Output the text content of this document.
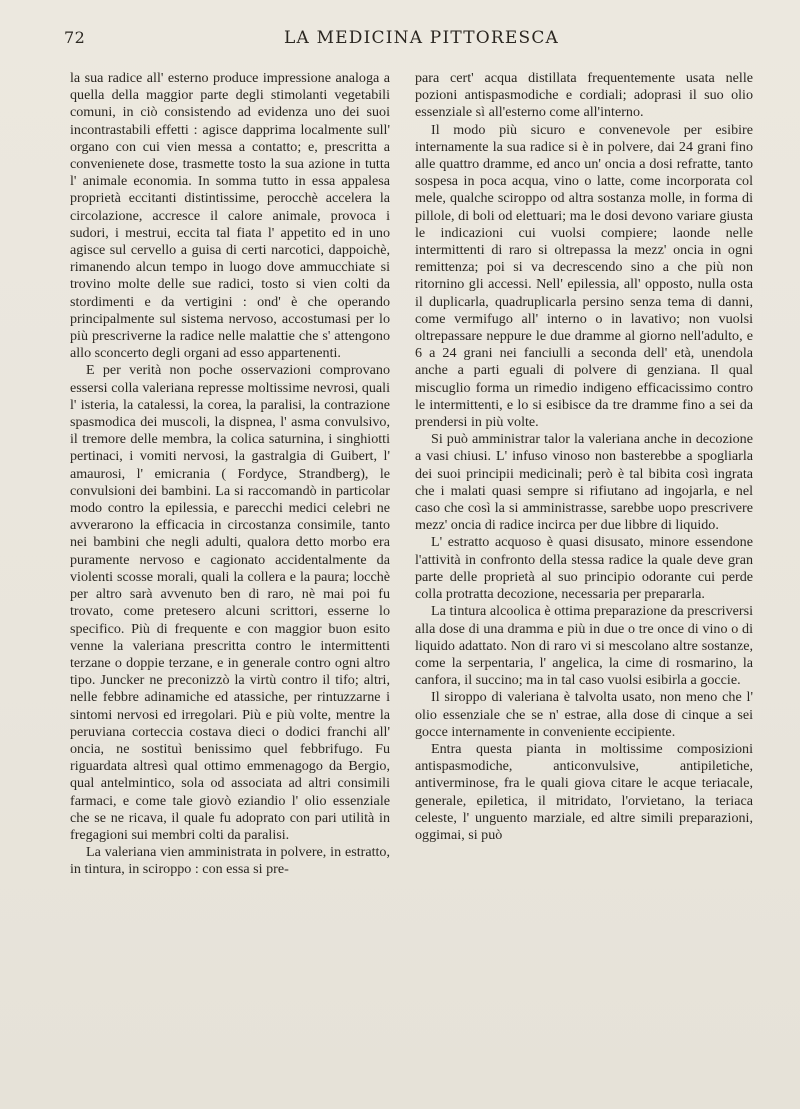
72	LA MEDICINA PITTORESCA

la sua radice all' esterno produce impressione analoga a quella della maggior parte degli stimolanti vegetabili comuni, in ciò consistendo ad evidenza uno dei suoi incontrastabili effetti : agisce dapprima localmente sull' organo con cui vien messa a contatto; e, prescritta a convenienete dose, trasmette tosto la sua azione in tutta l' animale economia. In somma tutto in essa appalesa proprietà eccitanti distintissime, perocchè accelera la circolazione, accresce il calore animale, provoca i sudori, i mestrui, eccita tal fiata l' appetito ed in uno agisce sul cervello a guisa di certi narcotici, dappoichè, rimanendo alcun tempo in luogo dove ammucchiate si trovino molte delle sue radici, tosto si vien colti da stordimenti e da vertigini : ond' è che operando principalmente sul sistema nervoso, accostumasi per lo più prescriverne la radice nelle malattie che s' attengono allo sconcerto degli organi ad esso appartenenti.

E per verità non poche osservazioni comprovano essersi colla valeriana represse moltissime nevrosi, quali l' isteria, la catalessi, la corea, la paralisi, la contrazione spasmodica dei muscoli, la dispnea, l' asma convulsivo, il tremore delle membra, la colica saturnina, i singhiotti pertinaci, i vomiti nervosi, la gastralgia di Guibert, l' amaurosi, l' emicrania ( Fordyce, Strandberg), le convulsioni dei bambini. La si raccomandò in particolar modo contro la epilessia, e parecchi medici celebri ne avverarono la efficacia in circostanza consimile, tanto nei bambini che negli adulti, qualora detto morbo era puramente nervoso e cagionato accidentalmente da violenti scosse morali, quali la collera e la paura; locchè per altro sarà avvenuto ben di raro, nè mai poi fu trovato, come pretesero alcuni scrittori, esserne lo specifico. Più di frequente e con maggior buon esito venne la valeriana prescritta contro le intermittenti terzane o doppie terzane, e in generale contro ogni altro tipo. Juncker ne preconizzò la virtù contro il tifo; altri, nelle febbre adinamiche ed atassiche, per rintuzzarne i sintomi nervosi ed irregolari. Più e più volte, mentre la peruviana corteccia costava dieci o dodici franchi all' oncia, ne sostituì benissimo quel febbrifugo. Fu riguardata altresì qual ottimo emmenagogo da Bergio, qual antelmintico, sola od associata ad altri consimili farmaci, e come tale giovò eziandio l' olio essenziale che se ne ricava, il quale fu adoprato con pari utilità in fregagioni sui membri colti da paralisi.

La valeriana vien amministrata in polvere, in estratto, in tintura, in sciroppo : con essa si pre-

para cert' acqua distillata frequentemente usata nelle pozioni antispasmodiche e cordiali; adoprasi il suo olio essenziale sì all'esterno come all'interno.

Il modo più sicuro e convenevole per esibire internamente la sua radice si è in polvere, dai 24 grani fino alle quattro dramme, ed anco un' oncia a dosi refratte, tanto sospesa in poca acqua, vino o latte, come incorporata col mele, qualche sciroppo od altra sostanza molle, in forma di pillole, di boli od elettuari; ma le dosi devono variare giusta le indicazioni cui vuolsi compiere; laonde nelle intermittenti di raro si oltrepassa la mezz' oncia in ogni remittenza; poi si va decrescendo sino a che più non ritornino gli accessi. Nell' epilessia, all' opposto, nulla osta il duplicarla, quadruplicarla persino senza tema di danni, come vermifugo all' interno o in lavativo; non vuolsi oltrepassare neppure le due dramme al giorno nell'adulto, e 6 a 24 grani nei fanciulli a seconda dell' età, unendola anche a parti eguali di polvere di genziana. Il qual miscuglio forma un rimedio indigeno efficacissimo contro le intermittenti, e lo si esibisce da tre dramme fino a sei da prendersi in più volte.

Si può amministrar talor la valeriana anche in decozione a vasi chiusi. L' infuso vinoso non basterebbe a spogliarla dei suoi principii medicinali; però è tal bibita così ingrata che i malati quasi sempre si rifiutano ad ingojarla, e nel caso che così la si amministrasse, sarebbe uopo prescrivere mezz' oncia di radice incirca per due libbre di liquido.

L' estratto acquoso è quasi disusato, minore essendone l'attività in confronto della stessa radice la quale deve gran parte delle proprietà al suo principio odorante cui perde colla protratta decozione, necessaria per prepararla.

La tintura alcoolica è ottima preparazione da prescriversi alla dose di una dramma e più in due o tre once di vino o di liquido adattato. Non di raro vi si mescolano altre sostanze, come la serpentaria, l' angelica, la cime di rosmarino, la canfora, il succino; ma in tal caso vuolsi esibirla a goccie.

Il siroppo di valeriana è talvolta usato, non meno che l' olio essenziale che se n' estrae, alla dose di cinque a sei gocce internamente in conveniente eccipiente.

Entra questa pianta in moltissime composizioni antispasmodiche, anticonvulsive, antipiletiche, antiverminose, fra le quali giova citare le acque teriacale, generale, epiletica, il mitridato, l'orvietano, la teriaca celeste, l' unguento marziale, ed altre simili preparazioni, oggimai, si può
